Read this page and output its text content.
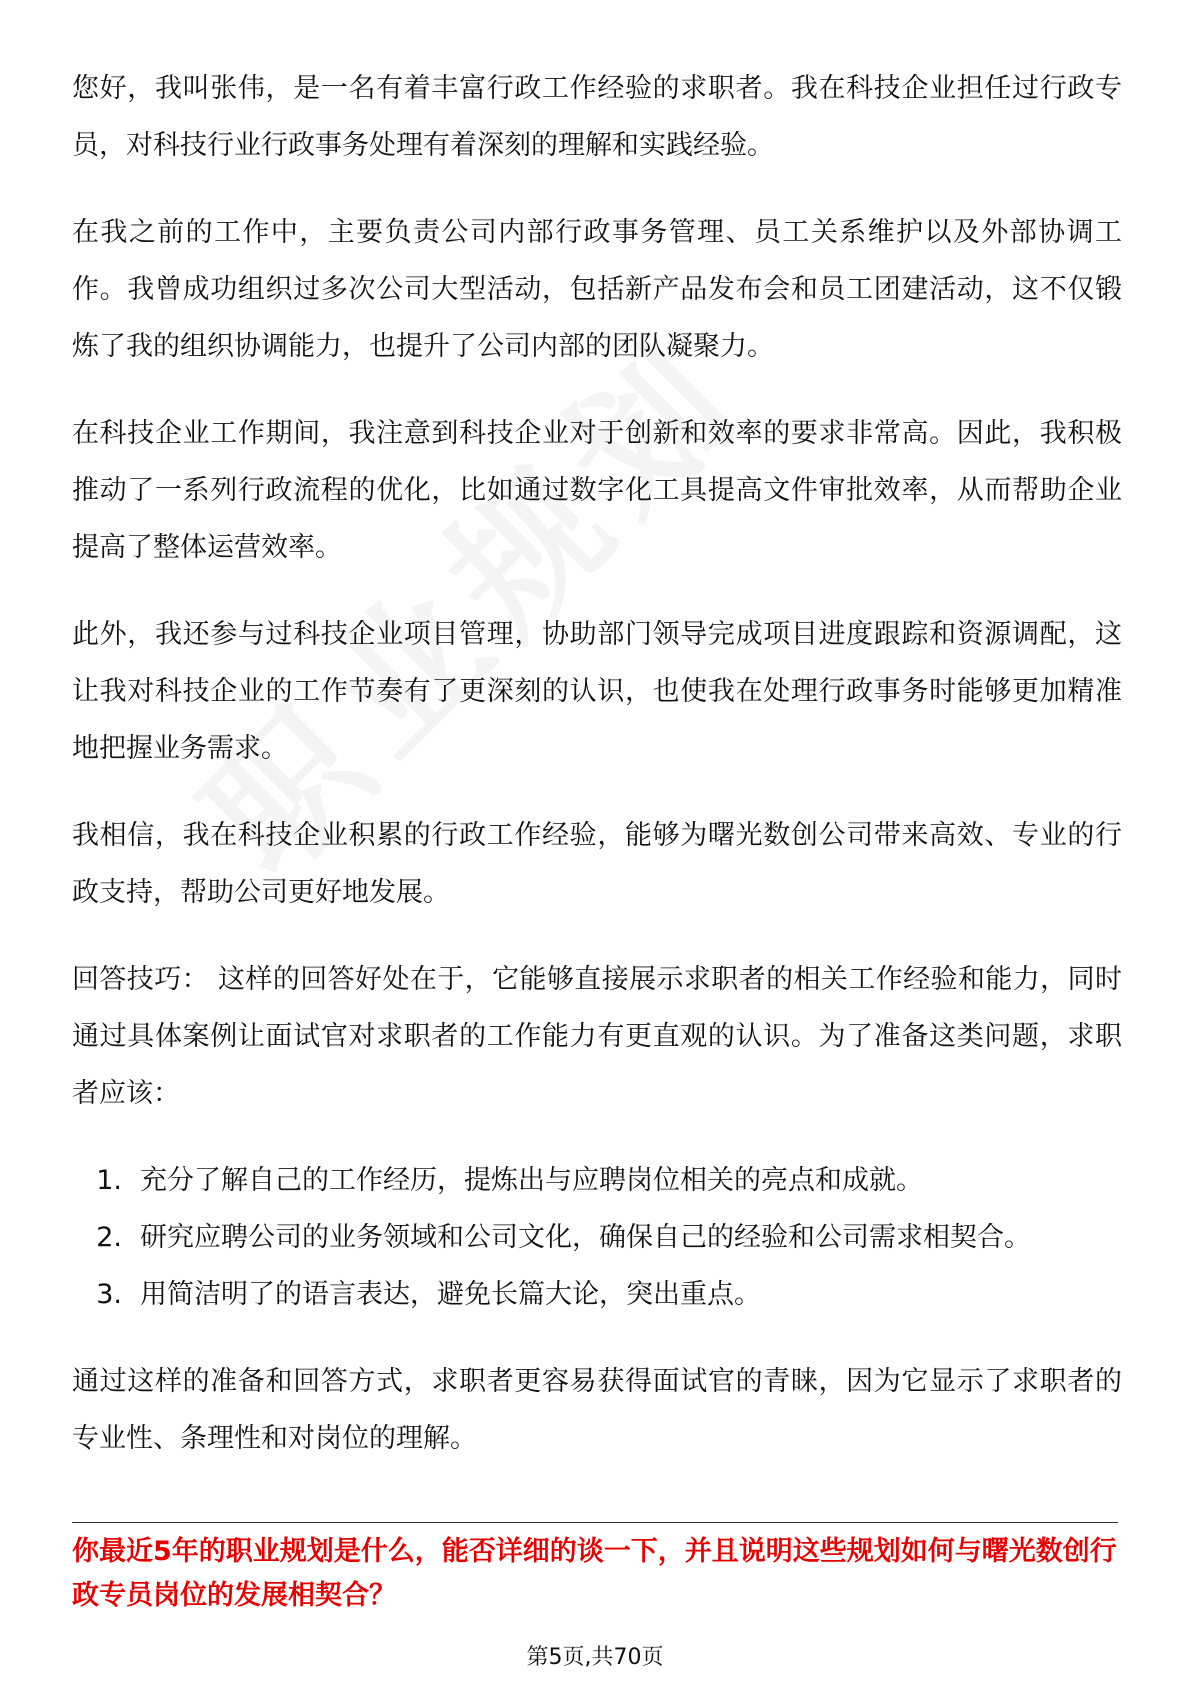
您好，我叫张伟，是一名有着丰富行政工作经验的求职者。我在科技企业担任过行政专员，对科技行业行政事务处理有着深刻的理解和实践经验。

在我之前的工作中，主要负责公司内部行政事务管理、员工关系维护以及外部协调工作。我曾成功组织过多次公司大型活动，包括新产品发布会和员工团建活动，这不仅锻炼了我的组织协调能力，也提升了公司内部的团队凝聚力。

在科技企业工作期间，我注意到科技企业对于创新和效率的要求非常高。因此，我积极推动了一系列行政流程的优化，比如通过数字化工具提高文件审批效率，从而帮助企业提高了整体运营效率。

此外，我还参与过科技企业项目管理，协助部门领导完成项目进度跟踪和资源调配，这让我对科技企业的工作节奏有了更深刻的认识，也使我在处理行政事务时能够更加精准地把握业务需求。

我相信，我在科技企业积累的行政工作经验，能够为曙光数创公司带来高效、专业的行政支持，帮助公司更好地发展。

回答技巧： 这样的回答好处在于，它能够直接展示求职者的相关工作经验和能力，同时通过具体案例让面试官对求职者的工作能力有更直观的认识。为了准备这类问题，求职者应该：

1. 充分了解自己的工作经历，提炼出与应聘岗位相关的亮点和成就。
2. 研究应聘公司的业务领域和公司文化，确保自己的经验和公司需求相契合。
3. 用简洁明了的语言表达，避免长篇大论，突出重点。

通过这样的准备和回答方式，求职者更容易获得面试官的青睐，因为它显示了求职者的专业性、条理性和对岗位的理解。

你最近5年的职业规划是什么，能否详细的谈一下，并且说明这些规划如何与曙光数创行政专员岗位的发展相契合？
第5页,共70页
